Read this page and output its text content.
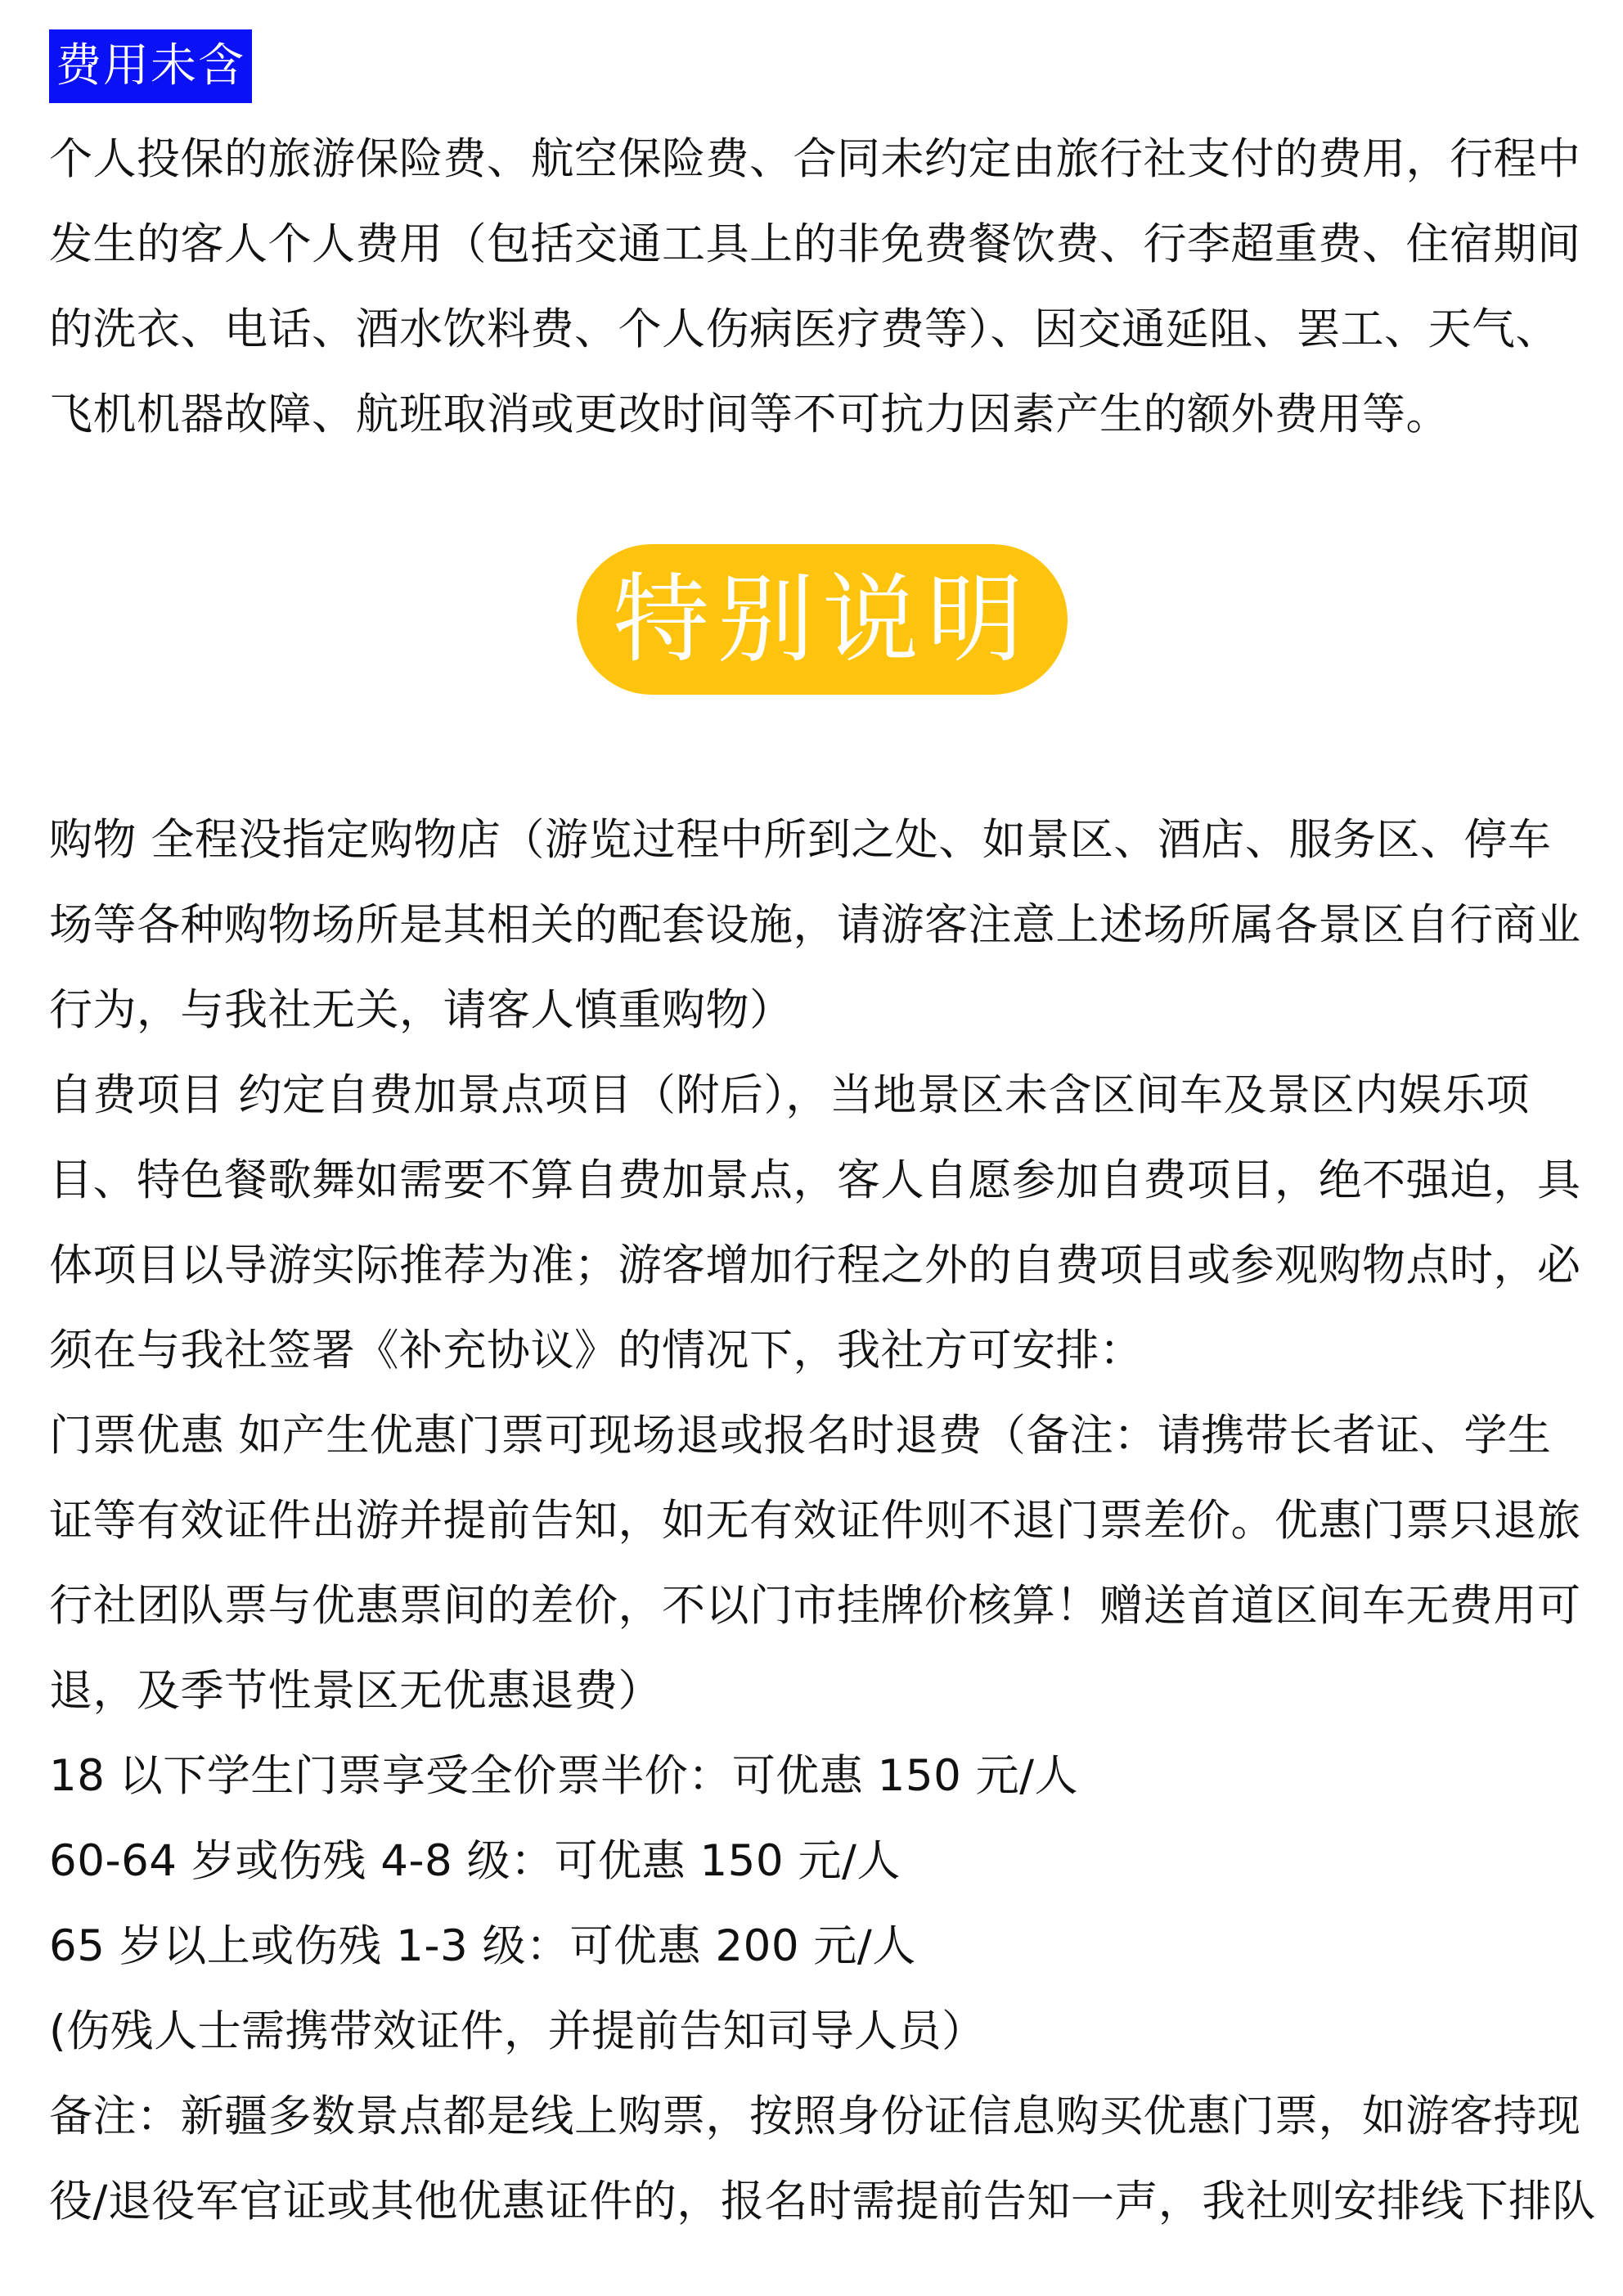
费用未含
个人投保的旅游保险费、航空保险费、合同未约定由旅行社支付的费用，行程中
发生的客人个人费用（包括交通工具上的非免费餐饮费、行李超重费、住宿期间
的洗衣、电话、酒水饮料费、个人伤病医疗费等）、因交通延阻、罢工、天气、
飞机机器故障、航班取消或更改时间等不可抗力因素产生的额外费用等。
特别说明
购物 全程没指定购物店（游览过程中所到之处、如景区、酒店、服务区、停车
场等各种购物场所是其相关的配套设施，请游客注意上述场所属各景区自行商业
行为，与我社无关，请客人慎重购物）
自费项目 约定自费加景点项目（附后），当地景区未含区间车及景区内娱乐项
目、特色餐歌舞如需要不算自费加景点，客人自愿参加自费项目，绝不强迫，具
体项目以导游实际推荐为准；游客增加行程之外的自费项目或参观购物点时，必
须在与我社签署《补充协议》的情况下，我社方可安排：
门票优惠 如产生优惠门票可现场退或报名时退费（备注：请携带长者证、学生
证等有效证件出游并提前告知，如无有效证件则不退门票差价。优惠门票只退旅
行社团队票与优惠票间的差价，不以门市挂牌价核算！赠送首道区间车无费用可
退，及季节性景区无优惠退费）
18 以下学生门票享受全价票半价：可优惠 150 元/人
60-64 岁或伤残 4-8 级：可优惠 150 元/人
65 岁以上或伤残 1-3 级：可优惠 200 元/人
(伤残人士需携带效证件，并提前告知司导人员）
备注：新疆多数景点都是线上购票，按照身份证信息购买优惠门票，如游客持现
役/退役军官证或其他优惠证件的，报名时需提前告知一声，我社则安排线下排队
